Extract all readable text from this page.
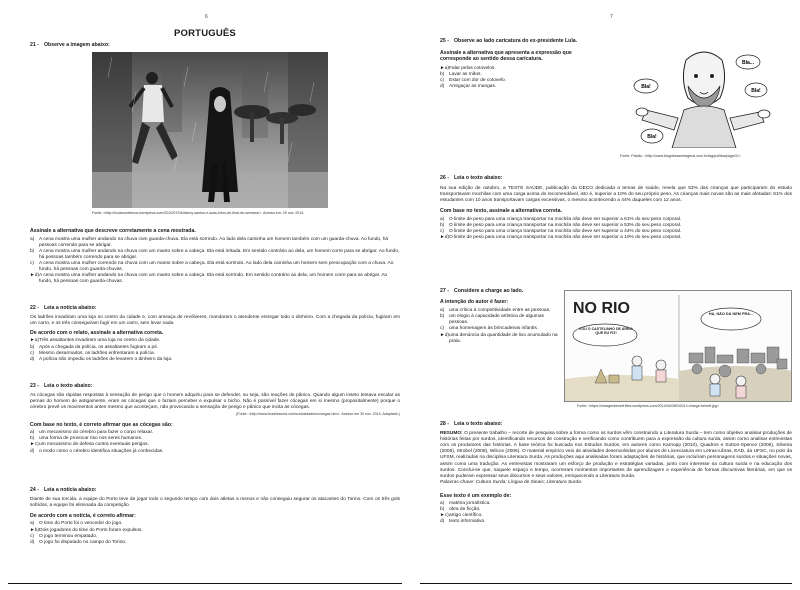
6
PORTUGUÊS
21 - Observe a imagem abaixo:
Fonte: <http://lucianovelenca.wordpress.com/2010/07/04/danny-santos-e-suas-fotos-de-final-de-semana/>. Acesso em: 29 nov. 2014.
Assinale a alternativa que descreve corretamente a cena mostrada.
a) A cena mostra uma mulher andando na chuva com guarda-chuva. Ela está sorrindo. Ao lado dela caminha um homem também com um guarda-chuva. Ao fundo, há pessoas correndo para se abrigar.
b) A cena mostra uma mulher andando na chuva com um manto sobre a cabeça. Ela está irritada. Em sentido contrário ao dela, um homem corre para se abrigar. Ao fundo, há pessoas também correndo para se abrigar.
c)	A cena mostra uma mulher correndo na chuva com um manto sobre a cabeça. Ela está sorrindo. Ao lado dela caminha um homem sem preocupação com a chuva. Ao fundo, há pessoas com guarda-chuvas.
►d) A cena mostra uma mulher andando na chuva com um manto sobre a cabeça. Ela está sorrindo. Em sentido contrário ao dela, um homem corre para se abrigar. Ao fundo, há pessoas com guarda-chuvas.
22 - Leia a notícia abaixo:
Os ladrões invadiram uma loja no centro da cidade e, com ameaça de revólveres, mandaram o atendente entregar todo o dinheiro. Com a chegada da polícia, fugiram em um carro, e os três conseguiram fugir em um carro, sem levar nada.
De acordo com o relato, assinale a alternativa correta.
►a) Três assaltantes invadiram uma loja no centro da cidade.
b) Após a chegada da polícia, os assaltantes fugiram a pé.
c)	Mesmo desarmados, os ladrões enfrentaram a polícia.
d) A polícia não impediu os ladrões de levarem o dinheiro da loja.
23 - Leia o texto abaixo:
As cócegas são rápidas respostas à sensação de perigo que o homem adquiriu para se defender, ou seja, são reações de pânico. Quando algum inseto tentava escalar as pernas do homem de antigamente, eram as cócegas que o faziam perceber e expulsar o bicho. Não é possível fazer cócegas em si mesmo (propositalmente) porque o cérebro prevê os movimentos antes mesmo que aconteçam, não provocando a sensação de perigo e pânico que incita as cócegas.
(Fonte: <http://www.brasilescola.com/curiosidades/cocegas.htm>. Acesso em 30 nov. 2014. Adaptado.)
Com base no texto, é correto afirmar que as cócegas são:
a) um mecanismo do cérebro para fazer o corpo relaxar.
b) uma forma de provocar riso nos seres humanos.
►c) um mecanismo de defesa contra eventuais perigos.
d) o modo como o cérebro identifica situações já conhecidas.
24 - Leia a notícia abaixo:
Diante de sua torcida, a equipe do Porto teve de jogar todo o segundo tempo com dois atletas a menos e não conseguiu segurar os atacantes do Torino. Com os três gols sofridos, a equipe foi eliminada da competição.
De acordo com a notícia, é correto afirmar:
a) O time do Porto foi o vencedor do jogo.
►b) Dois jogadores do time do Porto foram expulsos.
c)	O jogo terminou empatado.
d) O jogo foi disputado no campo do Torino.
7
25 - Observe ao lado caricatura do ex-presidente Lula.
Assinale a alternativa que apresenta a expressão que corresponde ao sentido dessa caricatura.
►a) Falar pelos cotovelos.
b) Lavar as mãos.
c)	Estar com dor de cotovelo.
d) Arregaçar as mangas.	Bla!
Bla...
Bla!
Bla!
Fonte: Paixão. <http://www.blogdoessenfageral.com.br/tag/politica/page/2/>.
26 - Leia o texto abaixo:
Na sua edição de outubro, a TESTE SAÚDE, publicação da DECO dedicada a temas de saúde, revela que 53% das crianças que participaram do estudo transportavam mochilas com uma carga acima do recomendável, isto é, superior a 10% do seu próprio peso. As crianças mais novas são as mais afetadas: 61% dos estudantes com 10 anos transportavam cargas excessivas, o mesmo acontecendo a 44% daqueles com 12 anos.
Com base no texto, assinale a alternativa correta.
a) O limite de peso para uma criança transportar na mochila não deve ser superior a 61% do seu peso corporal.
b) O limite de peso para uma criança transportar na mochila não deve ser superior a 53% do seu peso corporal.
c)	O limite de peso para uma criança transportar na mochila não deve ser superior a 44% do seu peso corporal.
►d) O limite de peso para uma criança transportar na mochila não deve ser superior a 10% do seu peso corporal.
27 - Considere a charge ao lado.
A intenção do autor é fazer:
a) uma crítica à competitividade entre as pessoas.
b) um elogio à capacidade artística de algumas pessoas.
c)	uma homenagem às brincadeiras infantis.
►d) uma denúncia da quantidade de lixo acumulado na praia.
NO RIO
VOU O CASTELINHO DE AREIA QUE EU FIZ!
HA, NÃO DÁ NEM PRA...
Fonte: <https://chargesbenett.files.wordpress.com/2014/04/08032014-charge-benett.jpg>
28 - Leia o texto abaixo:
RESUMO: O presente trabalho – recorte de pesquisa sobre a forma como os surdos vêm construindo a Literatura Surda – tem como objetivo analisar produções de histórias feitas por surdos, identificando recursos de construção e verificando como contribuem para a expressão da cultura surda, assim como analisar entrevistas com os produtores das histórias. A base teórica foi buscada nos Estudos Surdos, em autores como Karnopp (2010), Quadros e Sutton-Spence (2006), Silveira (2006), Strobel (2008), Wilcox (2005). O material empírico veio de atividades desenvolvidas por alunos de Licenciatura em Letras-Libras, EAD, da UFSC, no polo da UFSM, realizadas na disciplina Literatura Surda. As produções aqui analisadas foram adaptações de histórias, que incluíram personagens surdos e situações novas, assim como uma tradução. As entrevistas mostraram um esforço de produção e estratégias variadas, junto com interesse na cultura surda e na educação dos surdos. Conclui-se que, naquele espaço e tempo, ocorreram momentos importantes de aprendizagem e experiência de formas discursivas literárias, em que os surdos puderam expressar seus discursos e seus valores, enriquecendo a Literatura Surda.
Palavras-chave: Cultura Surda; Língua de Sinais; Literatura Surda.
Esse texto é um exemplo de:
a) matéria jornalística.
b) obra de ficção.
►c) artigo científico.
d) texto informativo.
